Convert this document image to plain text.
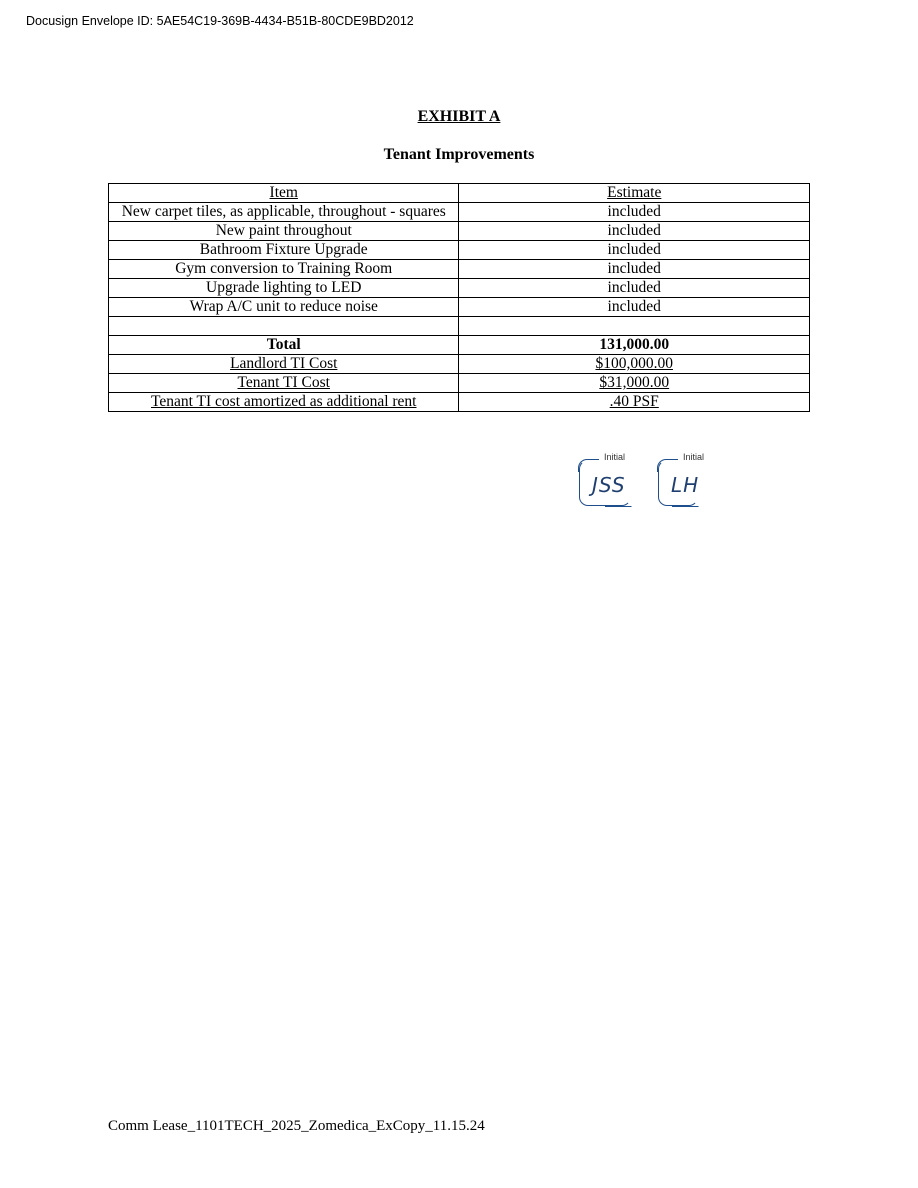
Docusign Envelope ID: 5AE54C19-369B-4434-B51B-80CDE9BD2012
EXHIBIT A
Tenant Improvements
Item	Estimate
New carpet tiles, as applicable, throughout - squares	included
New paint throughout	included
Bathroom Fixture Upgrade	included
Gym conversion to Training Room	included
Upgrade lighting to LED	included
Wrap A/C unit to reduce noise	included

Total	131,000.00
Landlord TI Cost	$100,000.00
Tenant TI Cost	$31,000.00
Tenant TI cost amortized as additional rent	.40 PSF
Initial
JSS
Initial
LH
Comm Lease_1101TECH_2025_Zomedica_ExCopy_11.15.24
